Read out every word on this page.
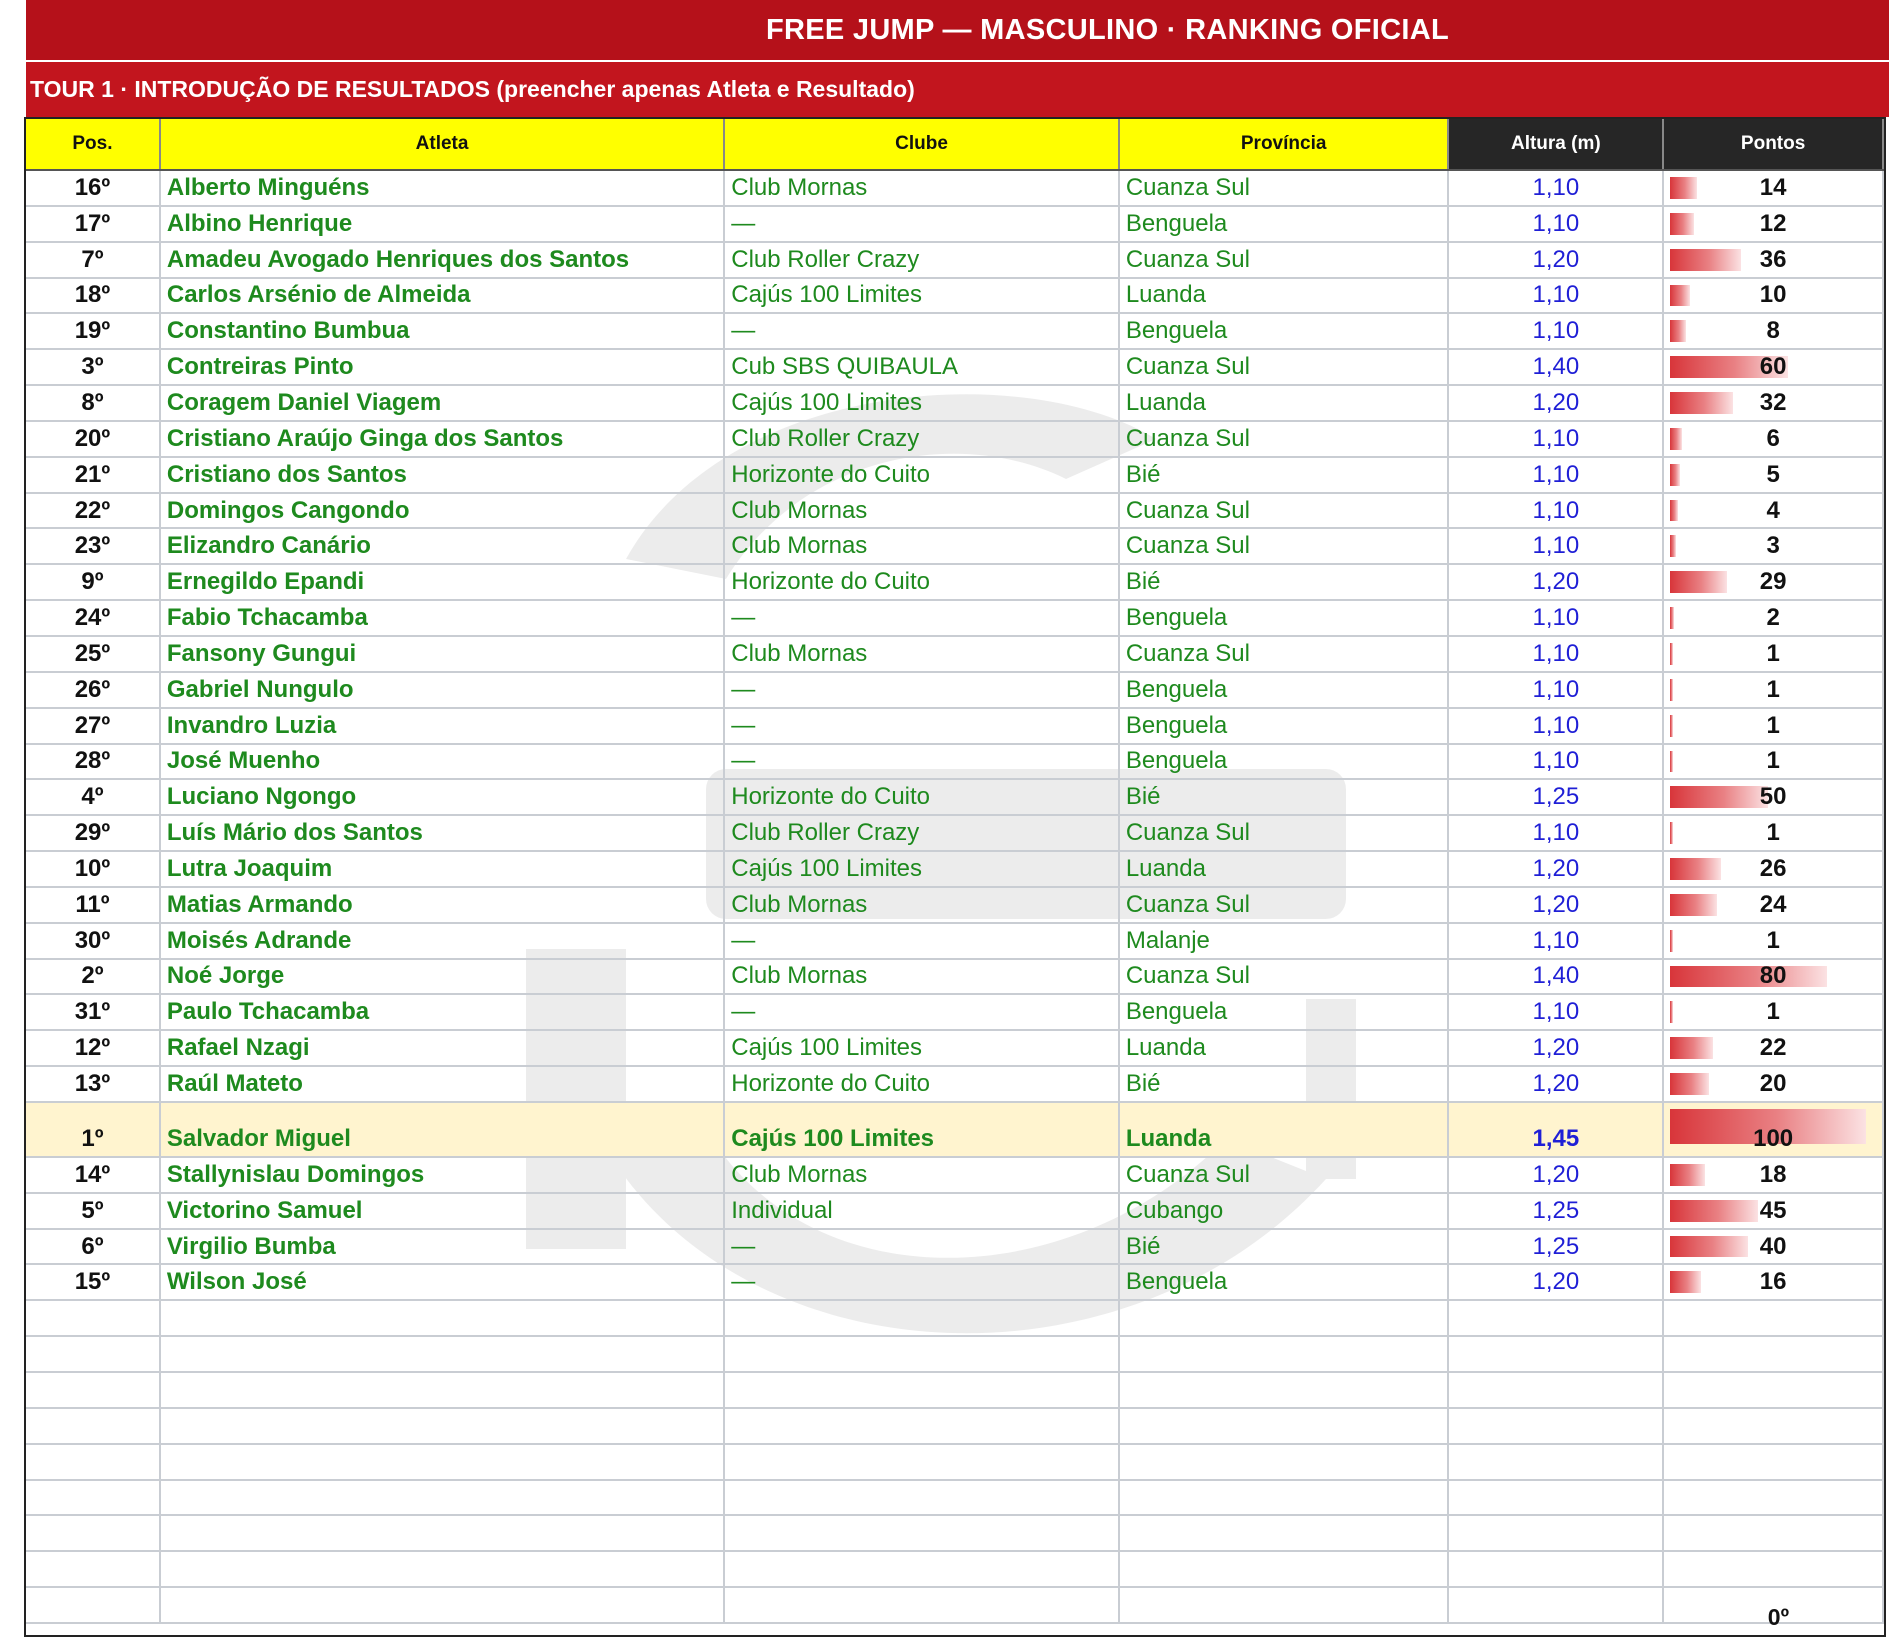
FREE JUMP — MASCULINO · RANKING OFICIAL
TOUR 1 · INTRODUÇÃO DE RESULTADOS (preencher apenas Atleta e Resultado)
Pos.	Atleta	Clube	Província	Altura (m)	Pontos
16º	Alberto Minguéns	Club Mornas	Cuanza Sul	1,10	14
17º	Albino Henrique	—	Benguela	1,10	12
7º	Amadeu Avogado Henriques dos Santos	Club Roller Crazy	Cuanza Sul	1,20	36
18º	Carlos Arsénio de Almeida	Cajús 100 Limites	Luanda	1,10	10
19º	Constantino Bumbua	—	Benguela	1,10	8
3º	Contreiras Pinto	Cub SBS QUIBAULA	Cuanza Sul	1,40	60
8º	Coragem Daniel Viagem	Cajús 100 Limites	Luanda	1,20	32
20º	Cristiano Araújo Ginga dos Santos	Club Roller Crazy	Cuanza Sul	1,10	6
21º	Cristiano dos Santos	Horizonte do Cuito	Bié	1,10	5
22º	Domingos Cangondo	Club Mornas	Cuanza Sul	1,10	4
23º	Elizandro Canário	Club Mornas	Cuanza Sul	1,10	3
9º	Ernegildo Epandi	Horizonte do Cuito	Bié	1,20	29
24º	Fabio Tchacamba	—	Benguela	1,10	2
25º	Fansony Gungui	Club Mornas	Cuanza Sul	1,10	1
26º	Gabriel Nungulo	—	Benguela	1,10	1
27º	Invandro Luzia	—	Benguela	1,10	1
28º	José Muenho	—	Benguela	1,10	1
4º	Luciano Ngongo	Horizonte do Cuito	Bié	1,25	50
29º	Luís Mário dos Santos	Club Roller Crazy	Cuanza Sul	1,10	1
10º	Lutra Joaquim	Cajús 100 Limites	Luanda	1,20	26
11º	Matias Armando	Club Mornas	Cuanza Sul	1,20	24
30º	Moisés Adrande	—	Malanje	1,10	1
2º	Noé Jorge	Club Mornas	Cuanza Sul	1,40	80
31º	Paulo Tchacamba	—	Benguela	1,10	1
12º	Rafael Nzagi	Cajús 100 Limites	Luanda	1,20	22
13º	Raúl Mateto	Horizonte do Cuito	Bié	1,20	20
1º	Salvador Miguel	Cajús 100 Limites	Luanda	1,45	100
14º	Stallynislau Domingos	Club Mornas	Cuanza Sul	1,20	18
5º	Victorino Samuel	Individual	Cubango	1,25	45
6º	Virgilio Bumba	—	Bié	1,25	40
15º	Wilson José	—	Benguela	1,20	16
0º
